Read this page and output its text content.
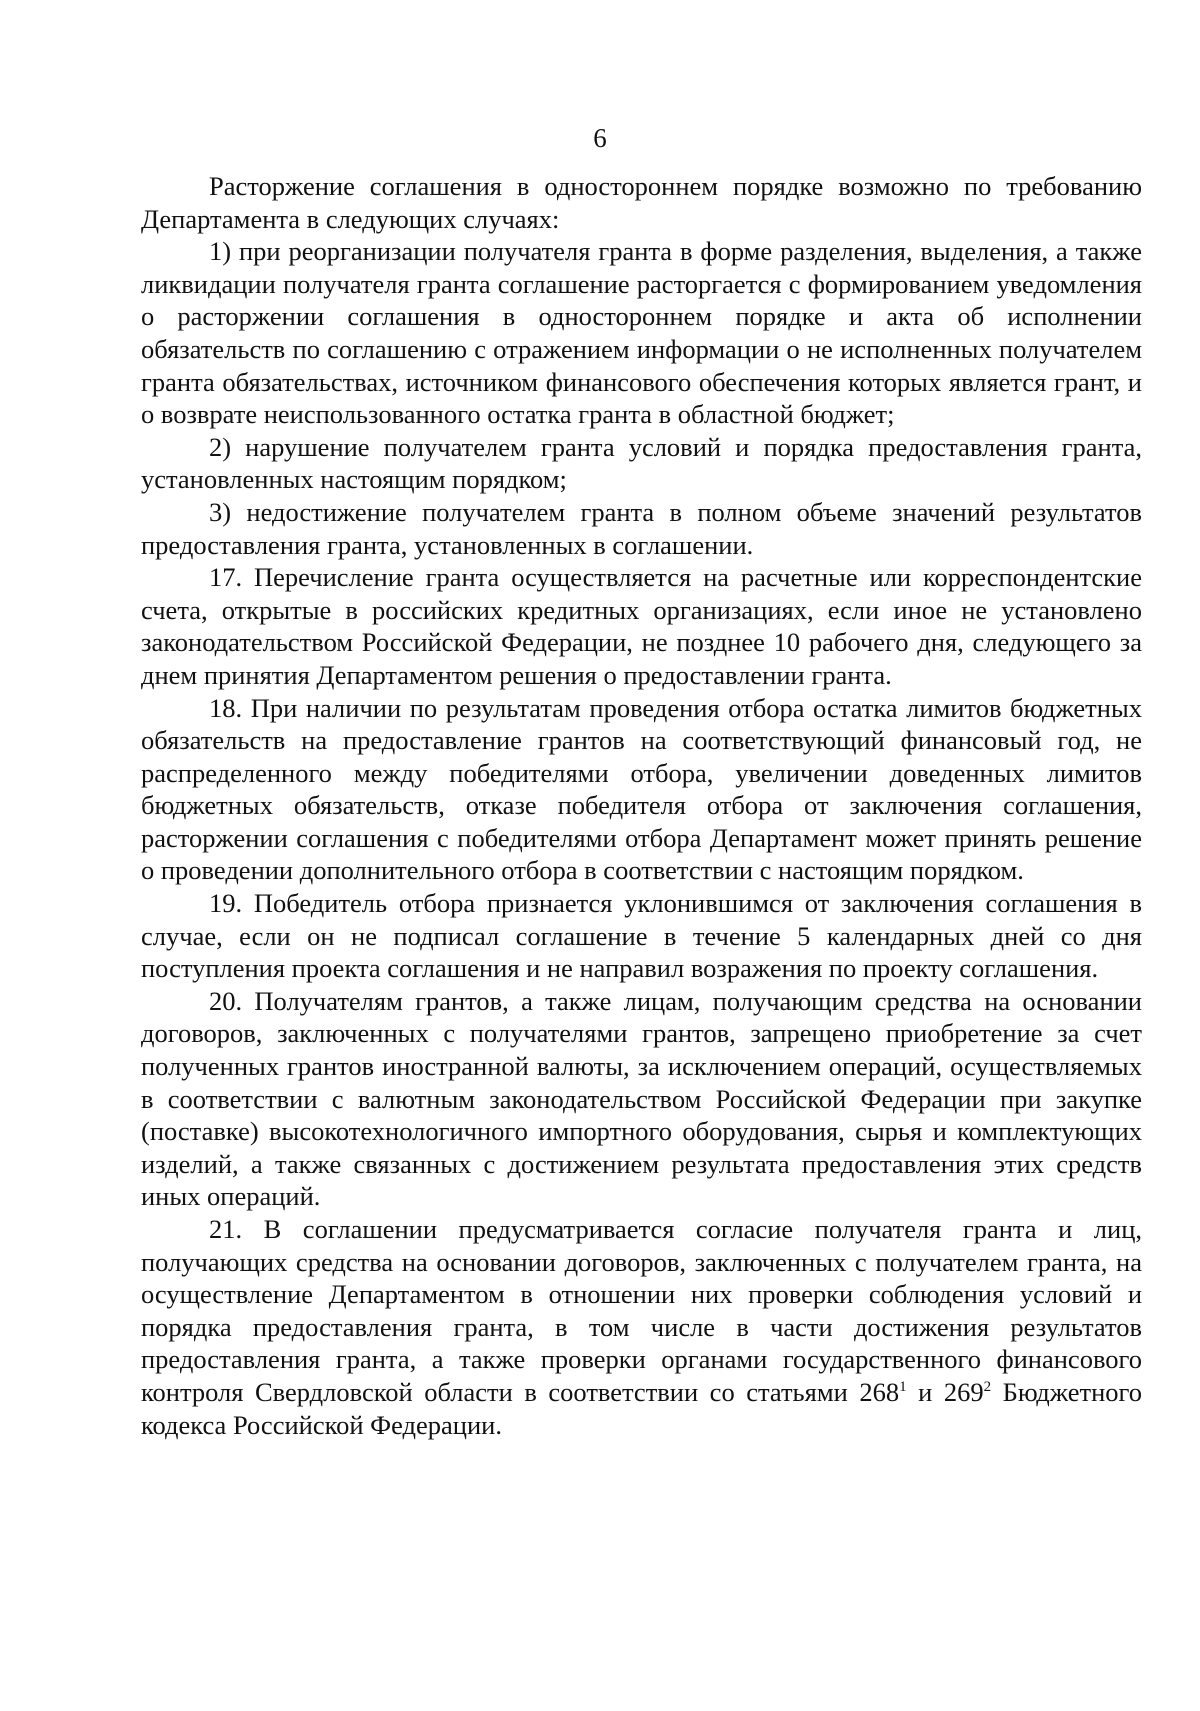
6

Расторжение соглашения в одностороннем порядке возможно по требованию Департамента в следующих случаях:

1) при реорганизации получателя гранта в форме разделения, выделения, а также ликвидации получателя гранта соглашение расторгается с формированием уведомления о расторжении соглашения в одностороннем порядке и акта об исполнении обязательств по соглашению с отражением информации о не исполненных получателем гранта обязательствах, источником финансового обеспечения которых является грант, и о возврате неиспользованного остатка гранта в областной бюджет;

2) нарушение получателем гранта условий и порядка предоставления гранта, установленных настоящим порядком;

3) недостижение получателем гранта в полном объеме значений результатов предоставления гранта, установленных в соглашении.

17. Перечисление гранта осуществляется на расчетные или корреспондентские счета, открытые в российских кредитных организациях, если иное не установлено законодательством Российской Федерации, не позднее 10 рабочего дня, следующего за днем принятия Департаментом решения о предоставлении гранта.

18. При наличии по результатам проведения отбора остатка лимитов бюджетных обязательств на предоставление грантов на соответствующий финансовый год, не распределенного между победителями отбора, увеличении доведенных лимитов бюджетных обязательств, отказе победителя отбора от заключения соглашения, расторжении соглашения с победителями отбора Департамент может принять решение о проведении дополнительного отбора в соответствии с настоящим порядком.

19. Победитель отбора признается уклонившимся от заключения соглашения в случае, если он не подписал соглашение в течение 5 календарных дней со дня поступления проекта соглашения и не направил возражения по проекту соглашения.

20. Получателям грантов, а также лицам, получающим средства на основании договоров, заключенных с получателями грантов, запрещено приобретение за счет полученных грантов иностранной валюты, за исключением операций, осуществляемых в соответствии с валютным законодательством Российской Федерации при закупке (поставке) высокотехнологичного импортного оборудования, сырья и комплектующих изделий, а также связанных с достижением результата предоставления этих средств иных операций.

21. В соглашении предусматривается согласие получателя гранта и лиц, получающих средства на основании договоров, заключенных с получателем гранта, на осуществление Департаментом в отношении них проверки соблюдения условий и порядка предоставления гранта, в том числе в части достижения результатов предоставления гранта, а также проверки органами государственного финансового контроля Свердловской области в соответствии со статьями $268^1$ и $269^2$ Бюджетного кодекса Российской Федерации.
